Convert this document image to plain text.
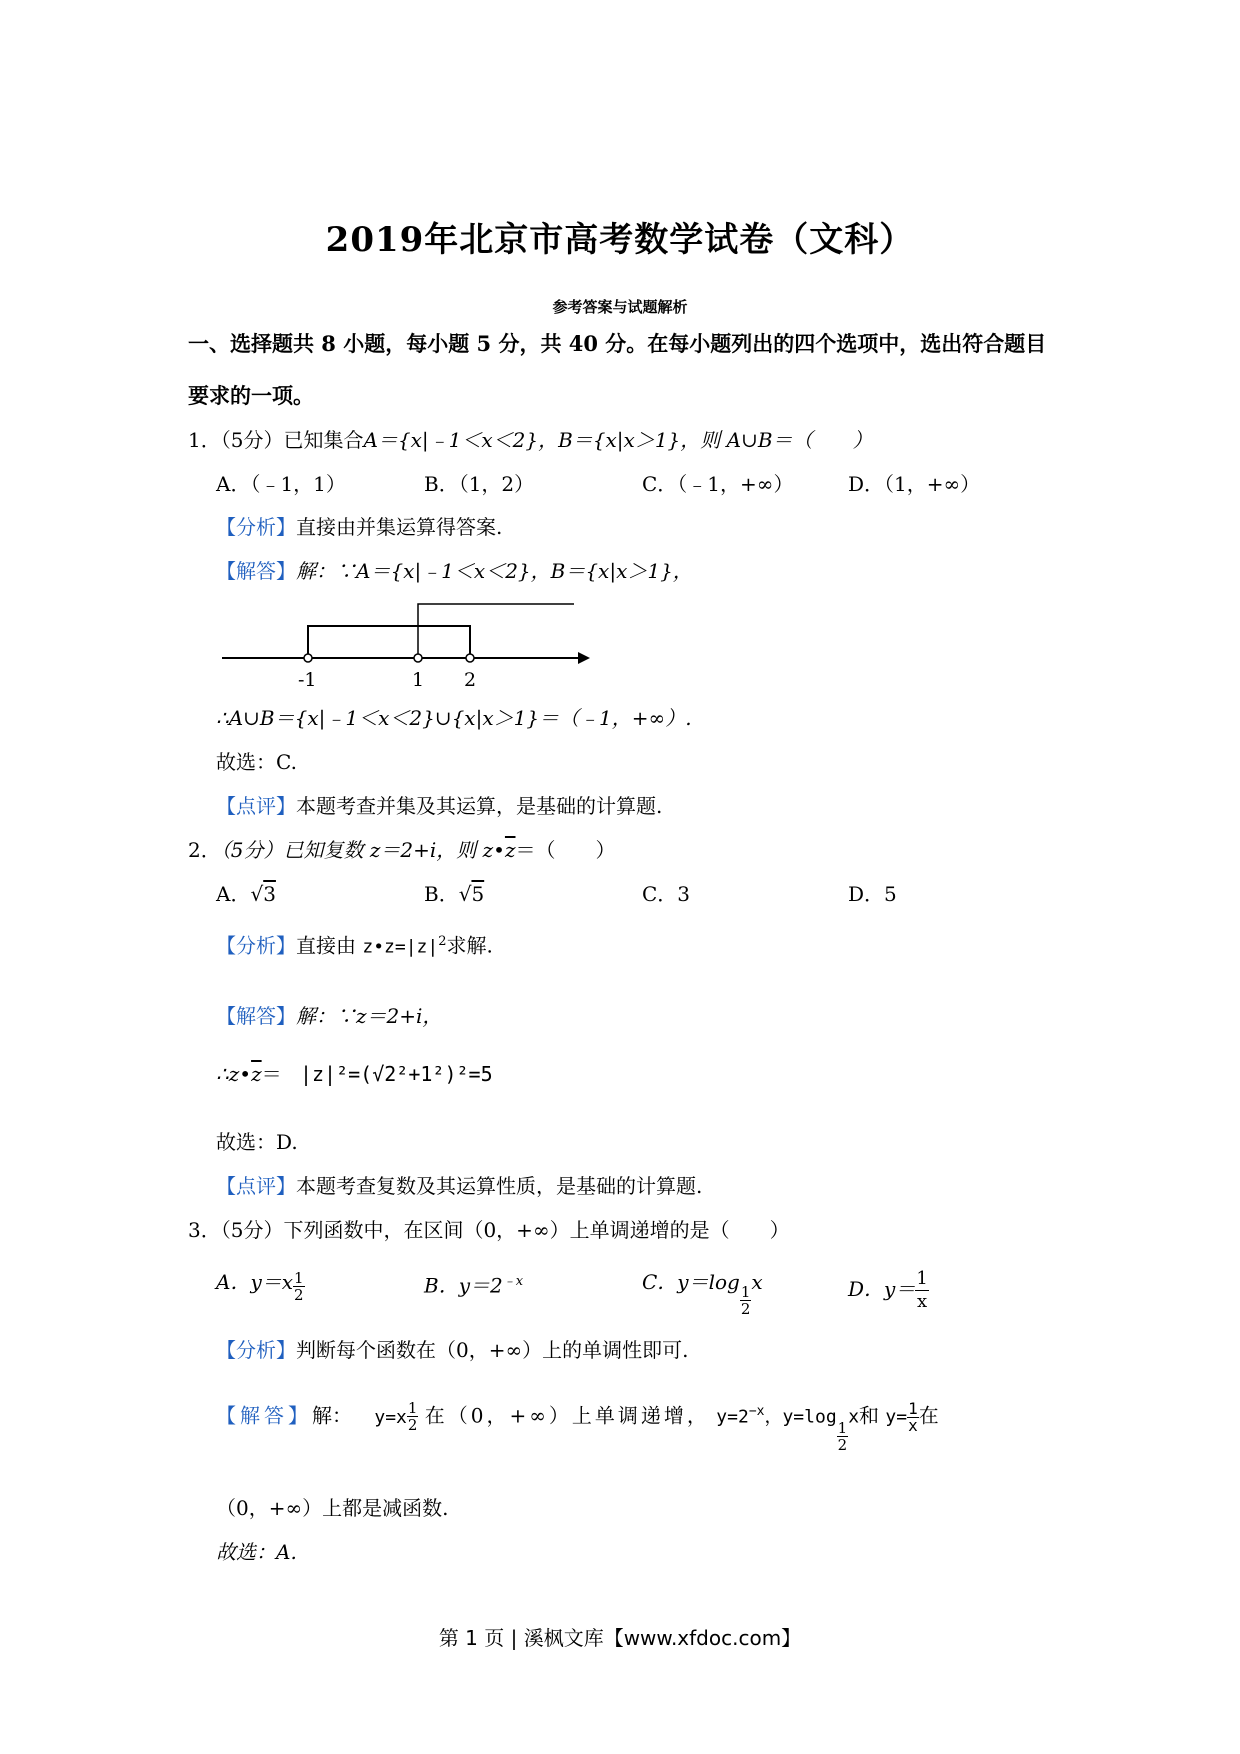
2019年北京市高考数学试卷（文科）
参考答案与试题解析
一、选择题共 8 小题，每小题 5 分，共 40 分。在每小题列出的四个选项中，选出符合题目
要求的一项。
1．（5分）已知集合A＝{x|﹣1＜x＜2}，B＝{x|x＞1}，则 A∪B＝（　　）
A．（﹣1，1）	B．（1，2）	C．（﹣1，+∞）	D．（1，+∞）
【分析】直接由并集运算得答案.
【解答】解：∵A＝{x|﹣1＜x＜2}，B＝{x|x＞1}，
-1	1 2
∴A∪B＝{x|﹣1＜x＜2}∪{x|x＞1}＝（﹣1，+∞）.
故选：C.
【点评】本题考查并集及其运算，是基础的计算题.
2．（5分）已知复数 z＝2+i，则 $z•\overline{z}=$（　　）
A．√3	B．√5	C．3	D．5
【分析】直接由 $z•z=|z|^2$求解.
【解答】解：∵z＝2+i，
$\therefore z•\overline{z}= |z|^2=(√2^2+1^2)^2=5$
故选：D.
【点评】本题考查复数及其运算性质，是基础的计算题.
3．（5分）下列函数中，在区间（0，+∞）上单调递增的是（　　）
A．$y=x \frac{1}{2}$	B．$y=2^{﹣x}$	C．y＝log
$\frac{1}{2}$
x	D．$y= \frac{1}{x}$
【分析】判断每个函数在（0，+∞）上的单调性即可.
【解答】解： $y=x \frac{1}{2}$ 在（0，+∞）上单调递增， $y=2^{-x}$，y=log
$\frac{1}{2}$
x和 $y= \frac{1}{x}$ 在
（0，+∞）上都是减函数.
故选：A.
第 1 页 | 溪枫文库【www.xfdoc.com】
